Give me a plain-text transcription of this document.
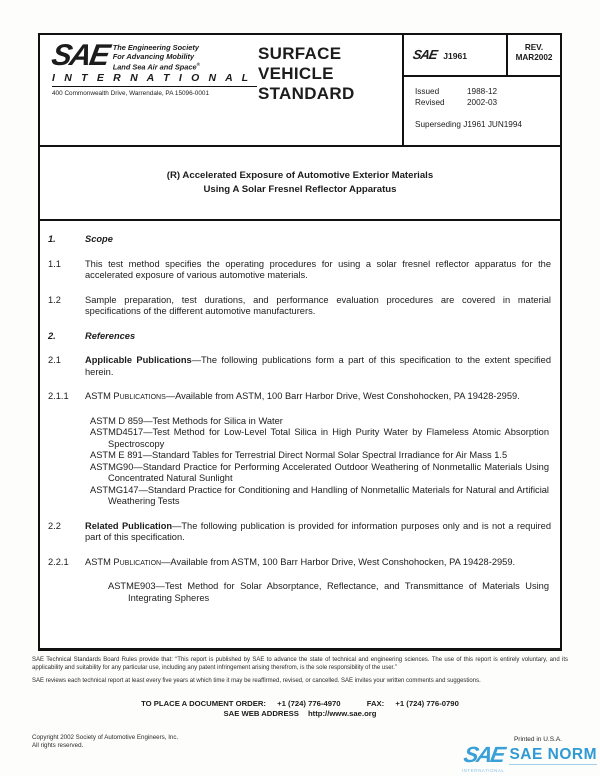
SAE The Engineering Society
For Advancing Mobility
Land Sea Air and Space®
I N T E R N A T I O N A L
400 Commonwealth Drive, Warrendale, PA 15096-0001
SURFACE
VEHICLE
STANDARD
SAE J1961
REV.
MAR2002
Issued	1988-12
Revised	2002-03
Superseding J1961 JUN1994
(R) Accelerated Exposure of Automotive Exterior Materials
Using A Solar Fresnel Reflector Apparatus
1.	Scope
1.1	This test method specifies the operating procedures for using a solar fresnel reflector apparatus for the accelerated exposure of various automotive materials.
1.2	Sample preparation, test durations, and performance evaluation procedures are covered in material specifications of the different automotive manufacturers.
2.	References
2.1	Applicable Publications—The following publications form a part of this specification to the extent specified herein.
2.1.1	ASTM Publications—Available from ASTM, 100 Barr Harbor Drive, West Conshohocken, PA 19428-2959.
ASTM D 859—Test Methods for Silica in Water
ASTMD4517—Test Method for Low-Level Total Silica in High Purity Water by Flameless Atomic Absorption Spectroscopy
ASTM E 891—Standard Tables for Terrestrial Direct Normal Solar Spectral Irradiance for Air Mass 1.5
ASTMG90—Standard Practice for Performing Accelerated Outdoor Weathering of Nonmetallic Materials Using Concentrated Natural Sunlight
ASTMG147—Standard Practice for Conditioning and Handling of Nonmetallic Materials for Natural and Artificial Weathering Tests
2.2	Related Publication—The following publication is provided for information purposes only and is not a required part of this specification.
2.2.1	ASTM Publication—Available from ASTM, 100 Barr Harbor Drive, West Conshohocken, PA 19428-2959.
ASTME903—Test Method for Solar Absorptance, Reflectance, and Transmittance of Materials Using Integrating Spheres
SAE Technical Standards Board Rules provide that: “This report is published by SAE to advance the state of technical and engineering sciences. The use of this report is entirely voluntary, and its applicability and suitability for any particular use, including any patent infringement arising therefrom, is the sole responsibility of the user.”
SAE reviews each technical report at least every five years at which time it may be reaffirmed, revised, or cancelled. SAE invites your written comments and suggestions.
TO PLACE A DOCUMENT ORDER: +1 (724) 776-4970	FAX: +1 (724) 776-0790
SAE WEB ADDRESS http://www.sae.org
Copyright 2002 Society of Automotive Engineers, Inc.
All rights reserved.
Printed in U.S.A.
SAE
INTERNATIONAL
SAE NORM
